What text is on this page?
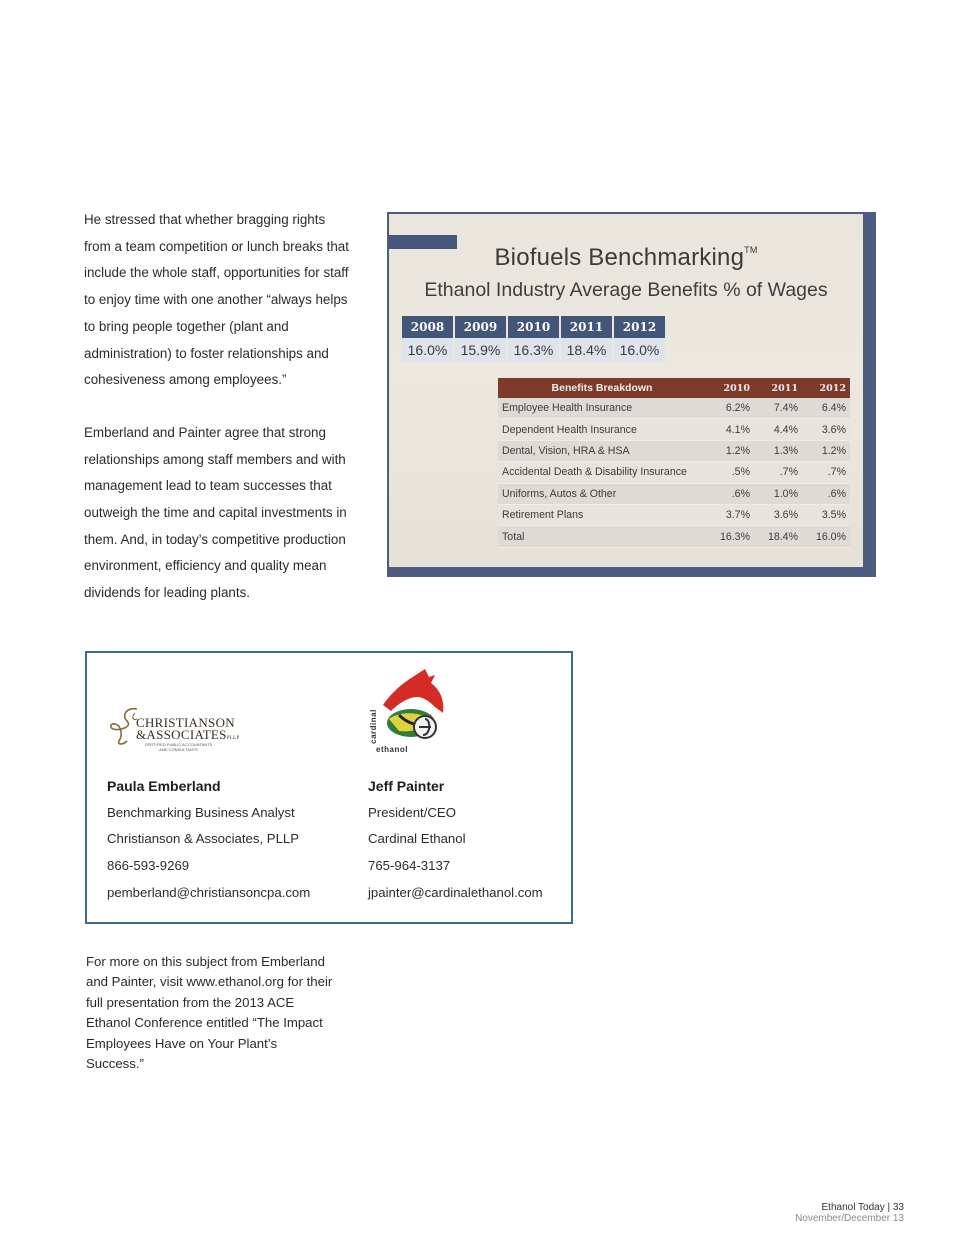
He stressed that whether bragging rights from a team competition or lunch breaks that include the whole staff, opportunities for staff to enjoy time with one another “always helps to bring people together (plant and administration) to foster relationships and cohesiveness among employees.”

Emberland and Painter agree that strong relationships among staff members and with management lead to team successes that outweigh the time and capital investments in them. And, in today’s competitive production environment, efficiency and quality mean dividends for leading plants.

Biofuels Benchmarking™
Ethanol Industry Average Benefits % of Wages
2008	2009	2010	2011	2012
16.0%	15.9%	16.3%	18.4%	16.0%
Benefits Breakdown	2010	2011	2012
Employee Health Insurance	6.2%	7.4%	6.4%
Dependent Health Insurance	4.1%	4.4%	3.6%
Dental, Vision, HRA & HSA	1.2%	1.3%	1.2%
Accidental Death & Disability Insurance	.5%	.7%	.7%
Uniforms, Autos & Other	.6%	1.0%	.6%
Retirement Plans	3.7%	3.6%	3.5%
Total	16.3%	18.4%	16.0%
CHRISTIANSON
&ASSOCIATESPLLP
CERTIFIED PUBLIC ACCOUNTANTS AND CONSULTANTS
cardinal
ethanol
Paula Emberland
Benchmarking Business Analyst
Christianson & Associates, PLLP
866-593-9269
pemberland@christiansoncpa.com
Jeff Painter
President/CEO
Cardinal Ethanol
765-964-3137
jpainter@cardinalethanol.com
For more on this subject from Emberland and Painter, visit www.ethanol.org for their full presentation from the 2013 ACE Ethanol Conference entitled “The Impact Employees Have on Your Plant’s Success.”
Ethanol Today | 33
November/December 13
